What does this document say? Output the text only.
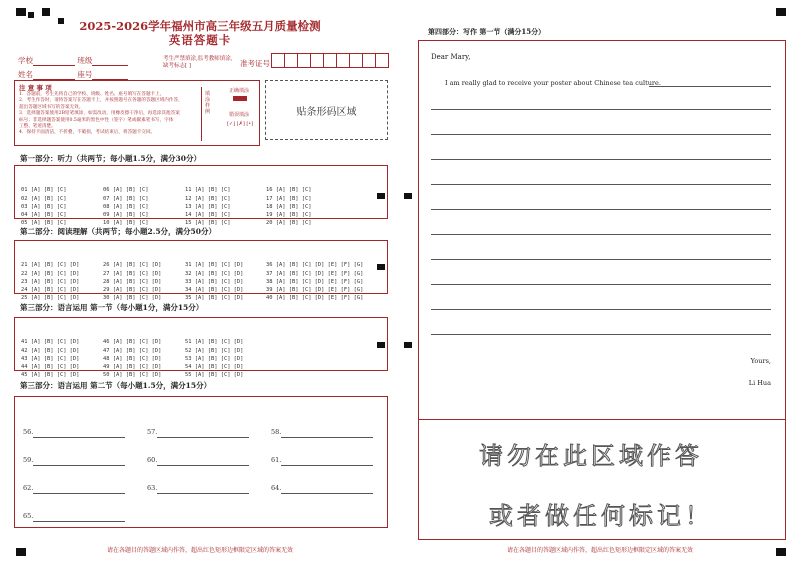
2025-2026学年福州市高三年级五月质量检测
英语答题卡
学校	班级
姓名	座号
考生严禁填涂,监考教师填涂,
缺考标志[ ]	准考证号：
注 意 事 项
1．答题前，考生先将自己的学校、班级、姓名、座号填写在答题卡上，
2．考生作答时，请将答案写在答题卡上，并按照题号在各题的答题区域内作答，
超出答题区域书写的答案无效。
3．选择题答案使用2B铅笔填涂，如需改动，用橡皮擦干净后，再选涂其他答案
标号；非选择题答案使用0.5毫米的黑色中性（签字）笔或碳素笔书写，字体
工整、笔迹清楚。
4．保持卡面清洁，不折叠，不破损，考试结束后，将答题卡交回。
填涂样例
正确填涂
错误填涂
[✓] [✗] [•]
贴条形码区域
第一部分：听力（共两节；每小题1.5分，满分30分）

01 [A] [B] [C]
02 [A] [B] [C]
03 [A] [B] [C]
04 [A] [B] [C]
05 [A] [B] [C]

06 [A] [B] [C]
07 [A] [B] [C]
08 [A] [B] [C]
09 [A] [B] [C]
10 [A] [B] [C]

11 [A] [B] [C]
12 [A] [B] [C]
13 [A] [B] [C]
14 [A] [B] [C]
15 [A] [B] [C]

16 [A] [B] [C]
17 [A] [B] [C]
18 [A] [B] [C]
19 [A] [B] [C]
20 [A] [B] [C]

第二部分：阅读理解（共两节；每小题2.5分，满分50分）

21 [A] [B] [C] [D]
22 [A] [B] [C] [D]
23 [A] [B] [C] [D]
24 [A] [B] [C] [D]
25 [A] [B] [C] [D]

26 [A] [B] [C] [D]
27 [A] [B] [C] [D]
28 [A] [B] [C] [D]
29 [A] [B] [C] [D]
30 [A] [B] [C] [D]

31 [A] [B] [C] [D]
32 [A] [B] [C] [D]
33 [A] [B] [C] [D]
34 [A] [B] [C] [D]
35 [A] [B] [C] [D]

36 [A] [B] [C] [D] [E] [F] [G]
37 [A] [B] [C] [D] [E] [F] [G]
38 [A] [B] [C] [D] [E] [F] [G]
39 [A] [B] [C] [D] [E] [F] [G]
40 [A] [B] [C] [D] [E] [F] [G]

第三部分：语言运用 第一节（每小题1分，满分15分）

41 [A] [B] [C] [D]
42 [A] [B] [C] [D]
43 [A] [B] [C] [D]
44 [A] [B] [C] [D]
45 [A] [B] [C] [D]

46 [A] [B] [C] [D]
47 [A] [B] [C] [D]
48 [A] [B] [C] [D]
49 [A] [B] [C] [D]
50 [A] [B] [C] [D]

51 [A] [B] [C] [D]
52 [A] [B] [C] [D]
53 [A] [B] [C] [D]
54 [A] [B] [C] [D]
55 [A] [B] [C] [D]

第三部分：语言运用 第二节（每小题1.5分，满分15分）
56.	57.	58.
59.	60.	61.
62.	63.	64.
65.
请在各题目的答题区域内作答，超出红色矩形边框限定区域的答案无效
第四部分：写作 第一节（满分15分）
Dear Mary,
I am really glad to receive your poster about Chinese tea culture.
Yours,
Li Hua
请勿在此区域作答
或者做任何标记！
请在各题目的答题区域内作答，超出红色矩形边框限定区域的答案无效
